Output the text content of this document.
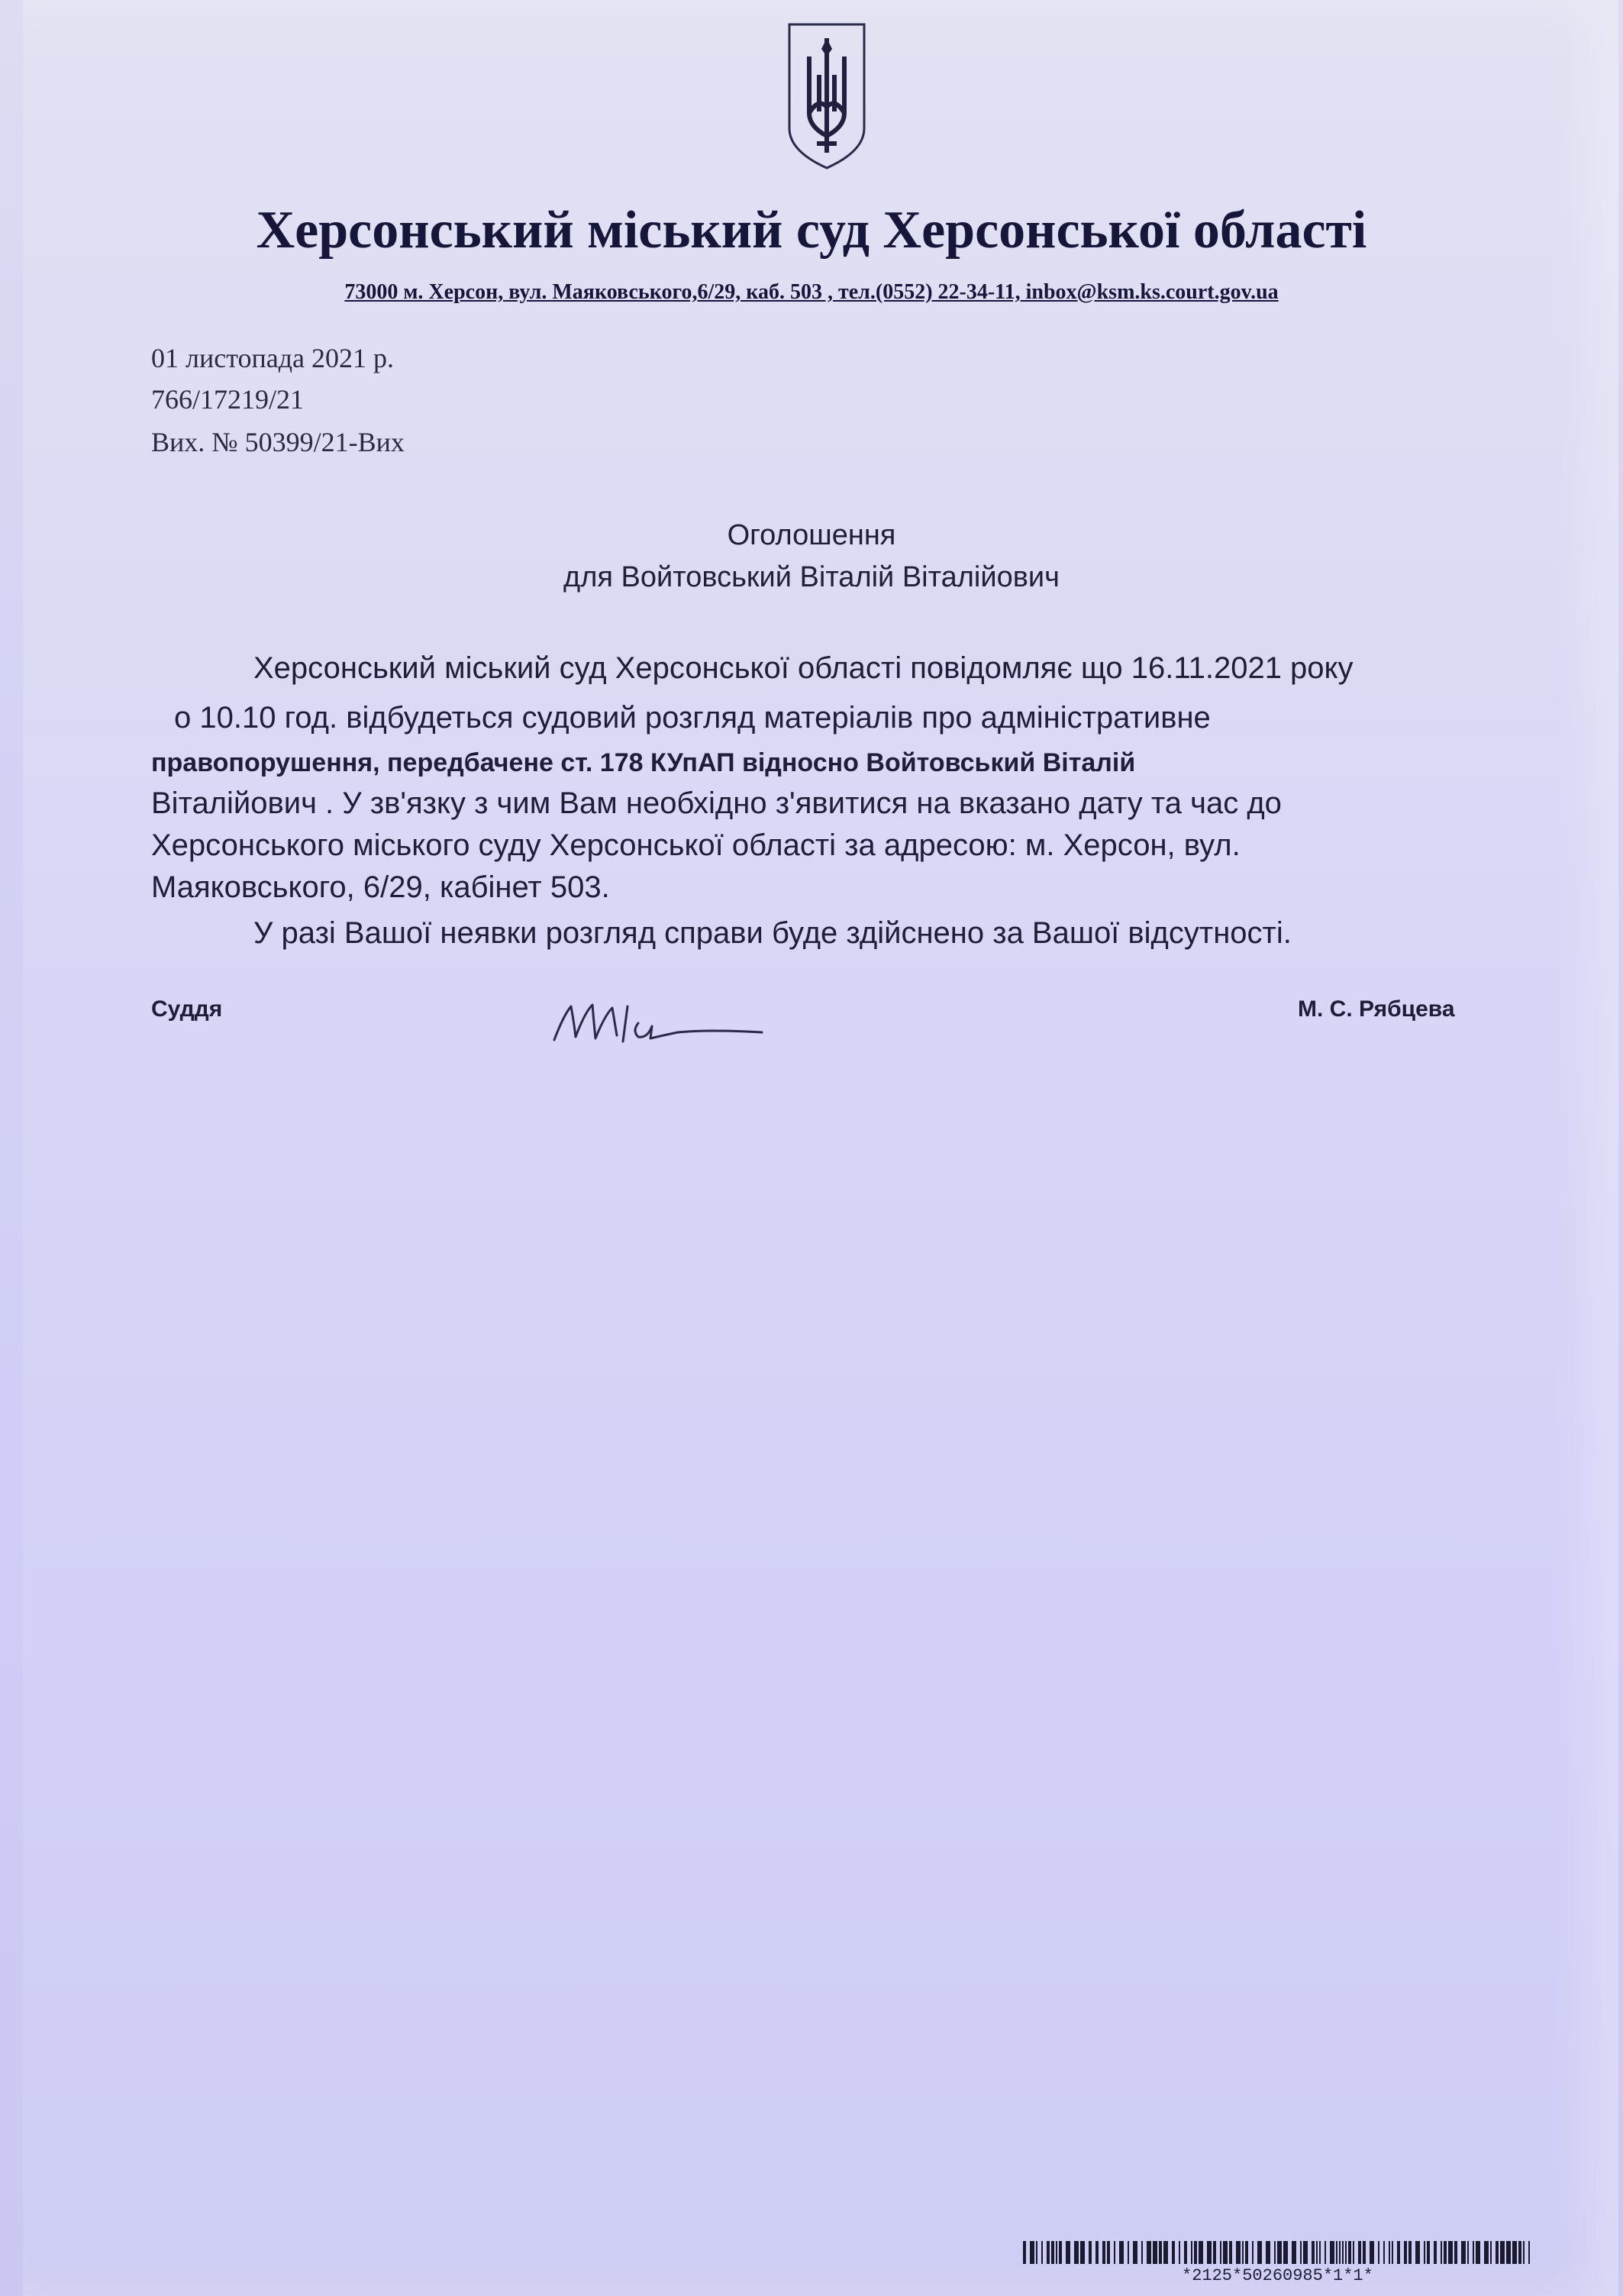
Херсонський міський суд Херсонської області
73000 м. Херсон, вул. Маяковського,6/29, каб. 503 , тел.(0552) 22-34-11, inbox@ksm.ks.court.gov.ua
01 листопада 2021 р.
766/17219/21
Вих. № 50399/21-Вих
Оголошення
для Войтовський Віталій Віталійович
Херсонський міський суд Херсонської області повідомляє що 16.11.2021 року
о 10.10 год. відбудеться судовий розгляд матеріалів про адміністративне
правопорушення, передбачене ст. 178 КУпАП відносно Войтовський Віталій
Віталійович . У зв'язку з чим Вам необхідно з'явитися на вказано дату та час до
Херсонського міського суду Херсонської області за адресою: м. Херсон, вул.
Маяковського, 6/29, кабінет 503.
У разі Вашої неявки розгляд справи буде здійснено за Вашої відсутності.
Суддя	М. С. Рябцева
*2125*50260985*1*1*
